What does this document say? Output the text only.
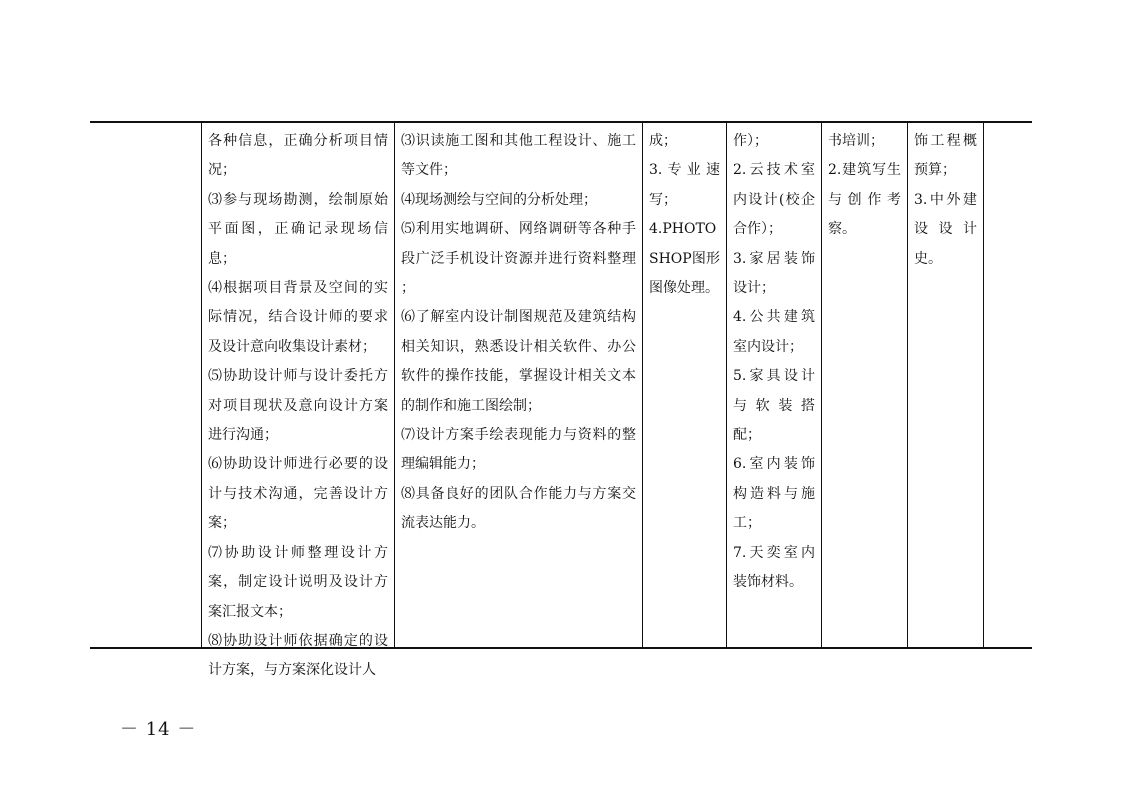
各种信息，正确分析项目情况；
⑶参与现场勘测，绘制原始平面图，正确记录现场信息；
⑷根据项目背景及空间的实际情况，结合设计师的要求及设计意向收集设计素材；
⑸协助设计师与设计委托方对项目现状及意向设计方案进行沟通；
⑹协助设计师进行必要的设计与技术沟通，完善设计方案；
⑺协助设计师整理设计方案，制定设计说明及设计方案汇报文本；
⑻协助设计师依据确定的设计方案，与方案深化设计人
⑶识读施工图和其他工程设计、施工等文件；
⑷现场测绘与空间的分析处理；
⑸利用实地调研、网络调研等各种手段广泛手机设计资源并进行资料整理 ；
⑹了解室内设计制图规范及建筑结构相关知识，熟悉设计相关软件、办公软件的操作技能，掌握设计相关文本的制作和施工图绘制；
⑺设计方案手绘表现能力与资料的整理编辑能力；
⑻具备良好的团队合作能力与方案交流表达能力。
成；
3.专业速写；
4.PHOTOSHOP图形图像处理。
作）；
2.云技术室内设计(校企合作）；
3.家居装饰设计；
4.公共建筑室内设计；
5.家具设计与软装搭配；
6.室内装饰构造料与施工；
7.天奕室内装饰材料。
书培训；
2.建筑写生与创作考察。
饰工程概预算；
3.中外建设设计史。
－ 14 －
